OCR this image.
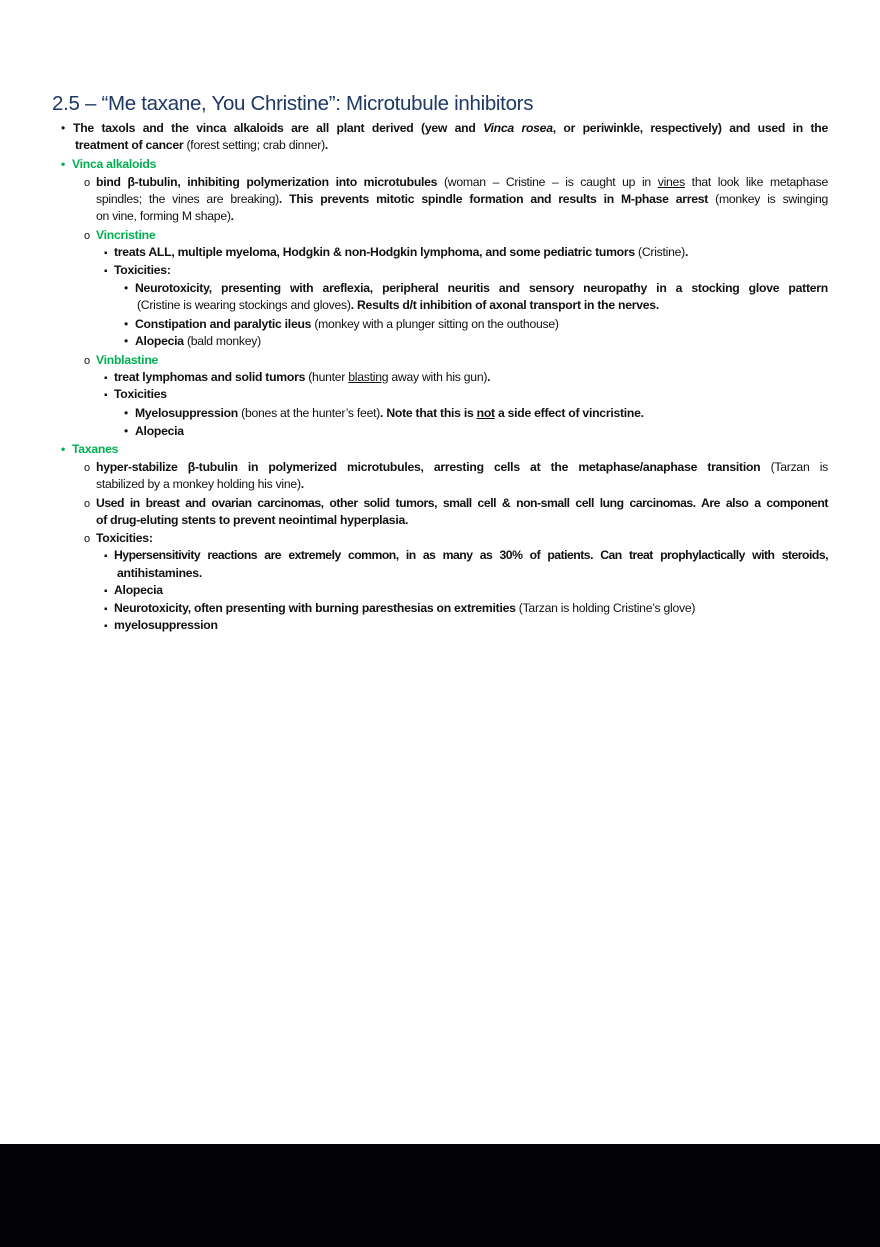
2.5 – “Me taxane, You Christine”: Microtubule inhibitors
•
The taxols and the vinca alkaloids are all plant derived (yew and Vinca rosea, or periwinkle, respectively) and used in the
treatment of cancer (forest setting; crab dinner).
•
Vinca alkaloids
o
bind β-tubulin, inhibiting polymerization into microtubules (woman – Cristine – is caught up in vines that look like metaphase
spindles; the vines are breaking). This prevents mitotic spindle formation and results in M-phase arrest (monkey is swinging
on vine, forming M shape).
o
Vincristine
▪
treats ALL, multiple myeloma, Hodgkin & non-Hodgkin lymphoma, and some pediatric tumors (Cristine).
▪
Toxicities:
•
Neurotoxicity, presenting with areflexia, peripheral neuritis and sensory neuropathy in a stocking glove pattern
(Cristine is wearing stockings and gloves). Results d/t inhibition of axonal transport in the nerves.
•
Constipation and paralytic ileus (monkey with a plunger sitting on the outhouse)
•
Alopecia (bald monkey)
o
Vinblastine
▪
treat lymphomas and solid tumors (hunter blasting away with his gun).
▪
Toxicities
•
Myelosuppression (bones at the hunter’s feet). Note that this is not a side effect of vincristine.
•
Alopecia
•
Taxanes
o
hyper-stabilize β-tubulin in polymerized microtubules, arresting cells at the metaphase/anaphase transition (Tarzan is
stabilized by a monkey holding his vine).
o
Used in breast and ovarian carcinomas, other solid tumors, small cell & non-small cell lung carcinomas. Are also a component
of drug-eluting stents to prevent neointimal hyperplasia.
o
Toxicities:
▪
Hypersensitivity reactions are extremely common, in as many as 30% of patients. Can treat prophylactically with steroids,
antihistamines.
▪
Alopecia
▪
Neurotoxicity, often presenting with burning paresthesias on extremities (Tarzan is holding Cristine’s glove)
▪
myelosuppression
